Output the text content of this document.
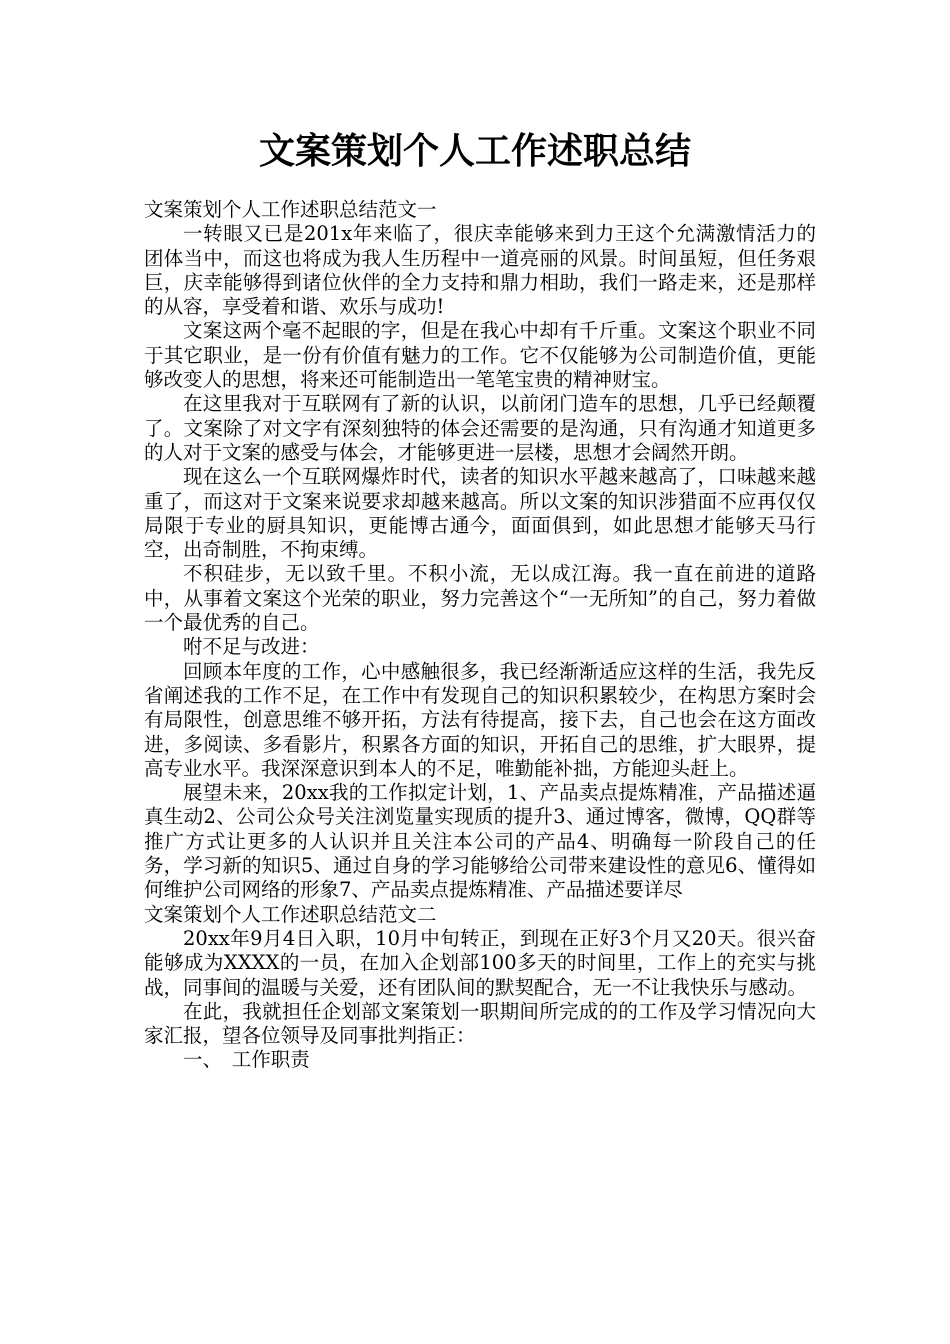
文案策划个人工作述职总结

文案策划个人工作述职总结范文一

一转眼又已是201x年来临了，很庆幸能够来到力王这个允满激情活力的团体当中，而这也将成为我人生历程中一道亮丽的风景。时间虽短，但任务艰巨，庆幸能够得到诸位伙伴的全力支持和鼎力相助，我们一路走来，还是那样的从容，享受着和谐、欢乐与成功!

文案这两个毫不起眼的字，但是在我心中却有千斤重。文案这个职业不同于其它职业，是一份有价值有魅力的工作。它不仅能够为公司制造价值，更能够改变人的思想，将来还可能制造出一笔笔宝贵的精神财宝。

在这里我对于互联网有了新的认识，以前闭门造车的思想，几乎已经颠覆了。文案除了对文字有深刻独特的体会还需要的是沟通，只有沟通才知道更多的人对于文案的感受与体会，才能够更进一层楼，思想才会阔然开朗。

现在这么一个互联网爆炸时代，读者的知识水平越来越高了，口味越来越重了，而这对于文案来说要求却越来越高。所以文案的知识涉猎面不应再仅仅局限于专业的厨具知识，更能博古通今，面面俱到，如此思想才能够天马行空，出奇制胜，不拘束缚。

不积硅步，无以致千里。不积小流，无以成江海。我一直在前进的道路中，从事着文案这个光荣的职业，努力完善这个“一无所知”的自己，努力着做一个最优秀的自己。

咐不足与改进：

回顾本年度的工作，心中感触很多，我已经渐渐适应这样的生活，我先反省阐述我的工作不足，在工作中有发现自己的知识积累较少，在构思方案时会有局限性，创意思维不够开拓，方法有待提高，接下去，自己也会在这方面改进，多阅读、多看影片，积累各方面的知识，开拓自己的思维，扩大眼界，提高专业水平。我深深意识到本人的不足，唯勤能补拙，方能迎头赶上。

展望未来，20xx我的工作拟定计划，1、产品卖点提炼精准，产品描述逼真生动2、公司公众号关注浏览量实现质的提升3、通过博客，微博，QQ群等推广方式让更多的人认识并且关注本公司的产品4、明确每一阶段自己的任务，学习新的知识5、通过自身的学习能够给公司带来建设性的意见6、懂得如何维护公司网络的形象7、产品卖点提炼精准、产品描述要详尽

文案策划个人工作述职总结范文二

20xx年9月4日入职，10月中旬转正，到现在正好3个月又20天。很兴奋能够成为XXXX的一员，在加入企划部100多天的时间里，工作上的充实与挑战，同事间的温暖与关爱，还有团队间的默契配合，无一不让我快乐与感动。

在此，我就担任企划部文案策划一职期间所完成的的工作及学习情况向大家汇报，望各位领导及同事批判指正：

一、　工作职责
